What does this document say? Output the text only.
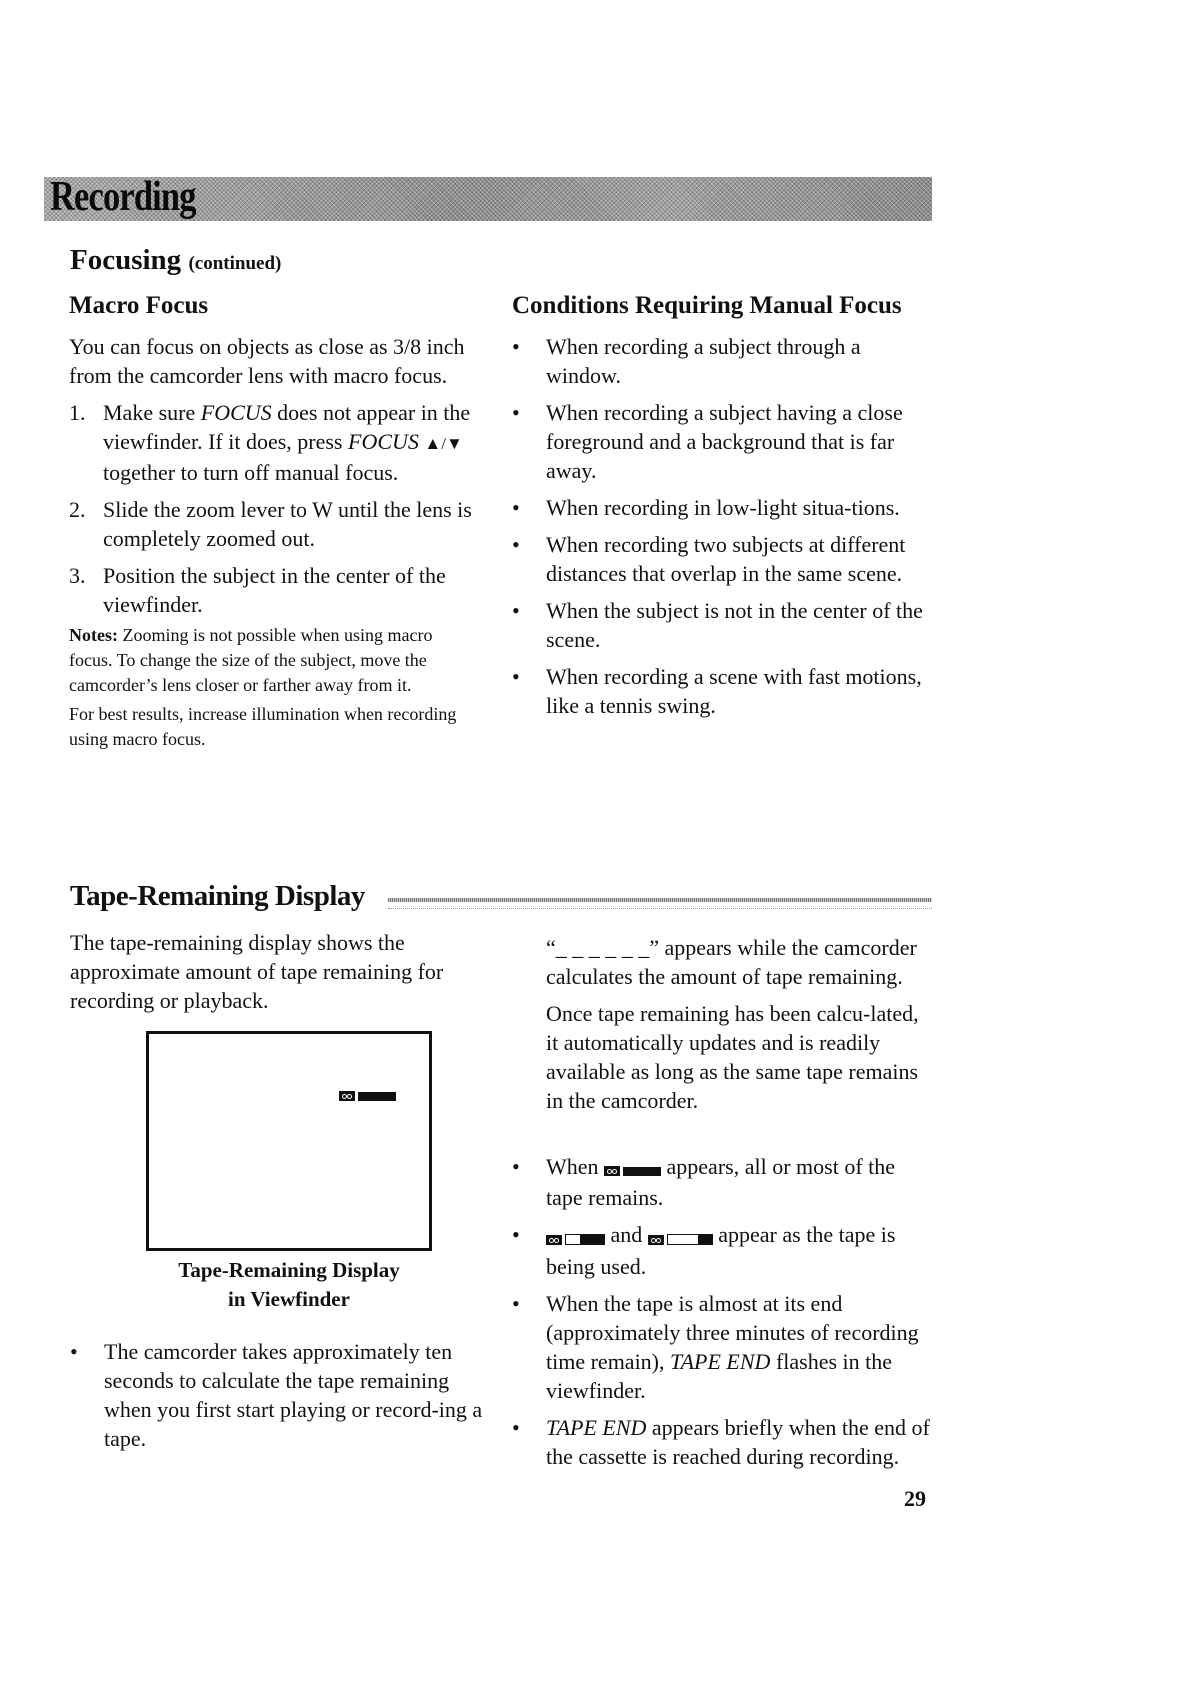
Recording
Focusing (continued)
Macro Focus

You can focus on objects as close as 3/8 inch from the camcorder lens with macro focus.

1. Make sure FOCUS does not appear in the viewfinder. If it does, press FOCUS ▲/▼  together to turn off manual focus.
2. Slide the zoom lever to W until the lens is completely zoomed out.
3. Position the subject in the center of the viewfinder.

Notes: Zooming is not possible when using macro focus. To change the size of the subject, move the camcorder’s lens closer or farther away from it.

For best results, increase illumination when recording using macro focus.

Conditions Requiring Manual Focus
• When recording a subject through a window.
• When recording a subject having a close foreground and a background that is far away.
• When recording in low-light situa-tions.
• When recording two subjects at different distances that overlap in the same scene.
• When the subject is not in the center of the scene.
• When recording a scene with fast motions, like a tennis swing.
Tape-Remaining Display
The tape-remaining display shows the approximate amount of tape remaining for recording or playback.
Tape-Remaining Display
in Viewfinder
• The camcorder takes approximately ten seconds to calculate the tape remaining when you first start playing or record-ing a tape.

“_ _ _ _ _ _” appears while the camcorder calculates the amount of tape remaining.

Once tape remaining has been calcu-lated, it automatically updates and is readily available as long as the same tape remains in the camcorder.

• When	appears, all or most of the tape remains.
•	and	appear as the tape is being used.
• When the tape is almost at its end (approximately three minutes of recording time remain), TAPE END flashes in the viewfinder.
• TAPE END appears briefly when the end of the cassette is reached during recording.
29
